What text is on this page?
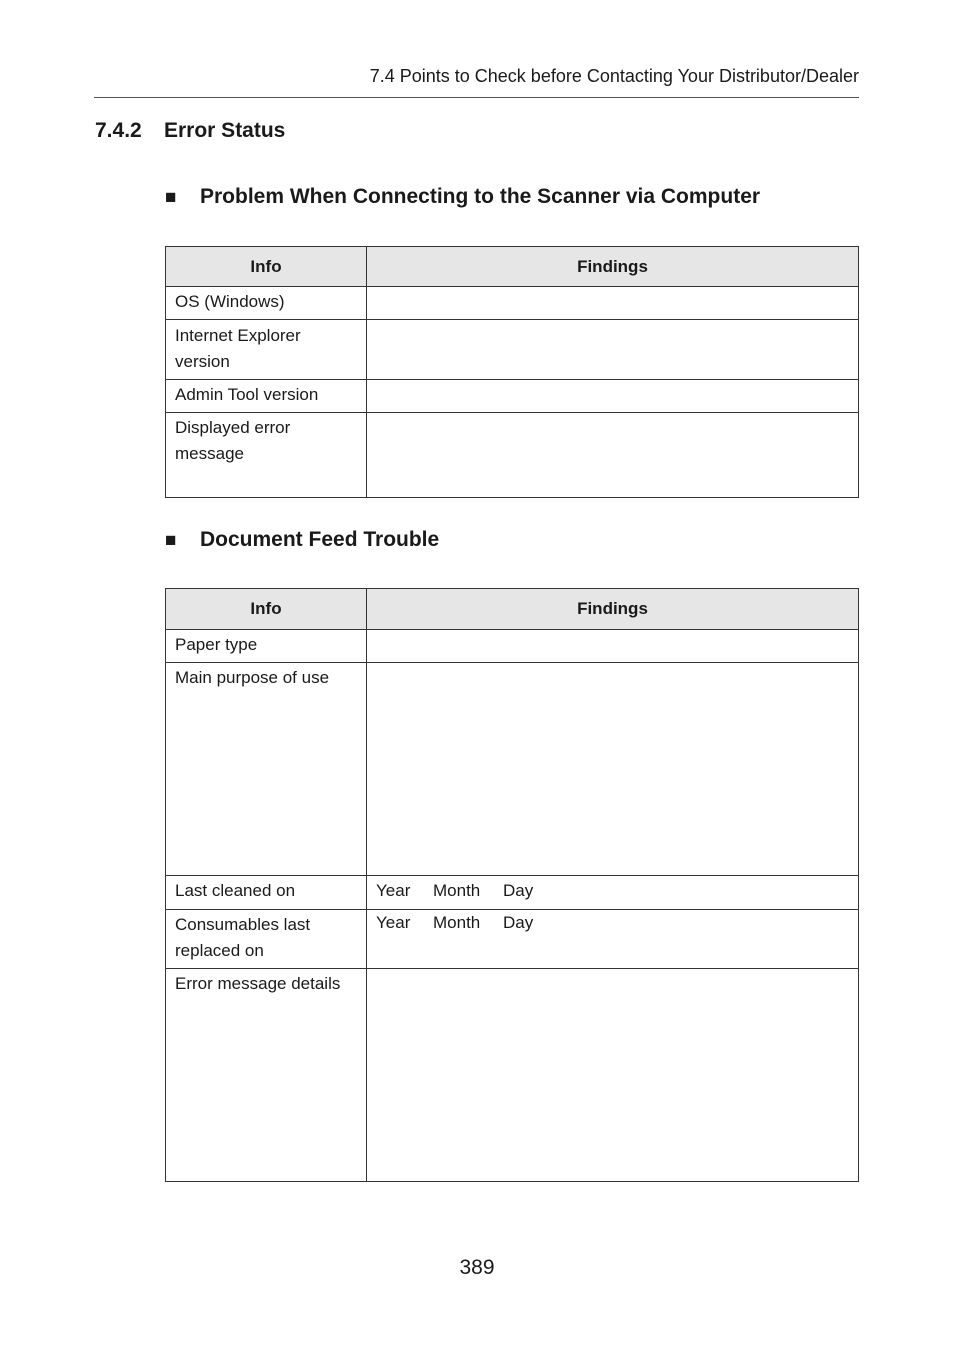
7.4 Points to Check before Contacting Your Distributor/Dealer
7.4.2 Error Status
■ Problem When Connecting to the Scanner via Computer
Info	Findings
OS (Windows)	
Internet Explorer version	
Admin Tool version	
Displayed error message	
■ Document Feed Trouble
Info	Findings
Paper type	
Main purpose of use	
Last cleaned on	Year Month Day
Consumables last replaced on	Year Month Day
Error message details	
389
